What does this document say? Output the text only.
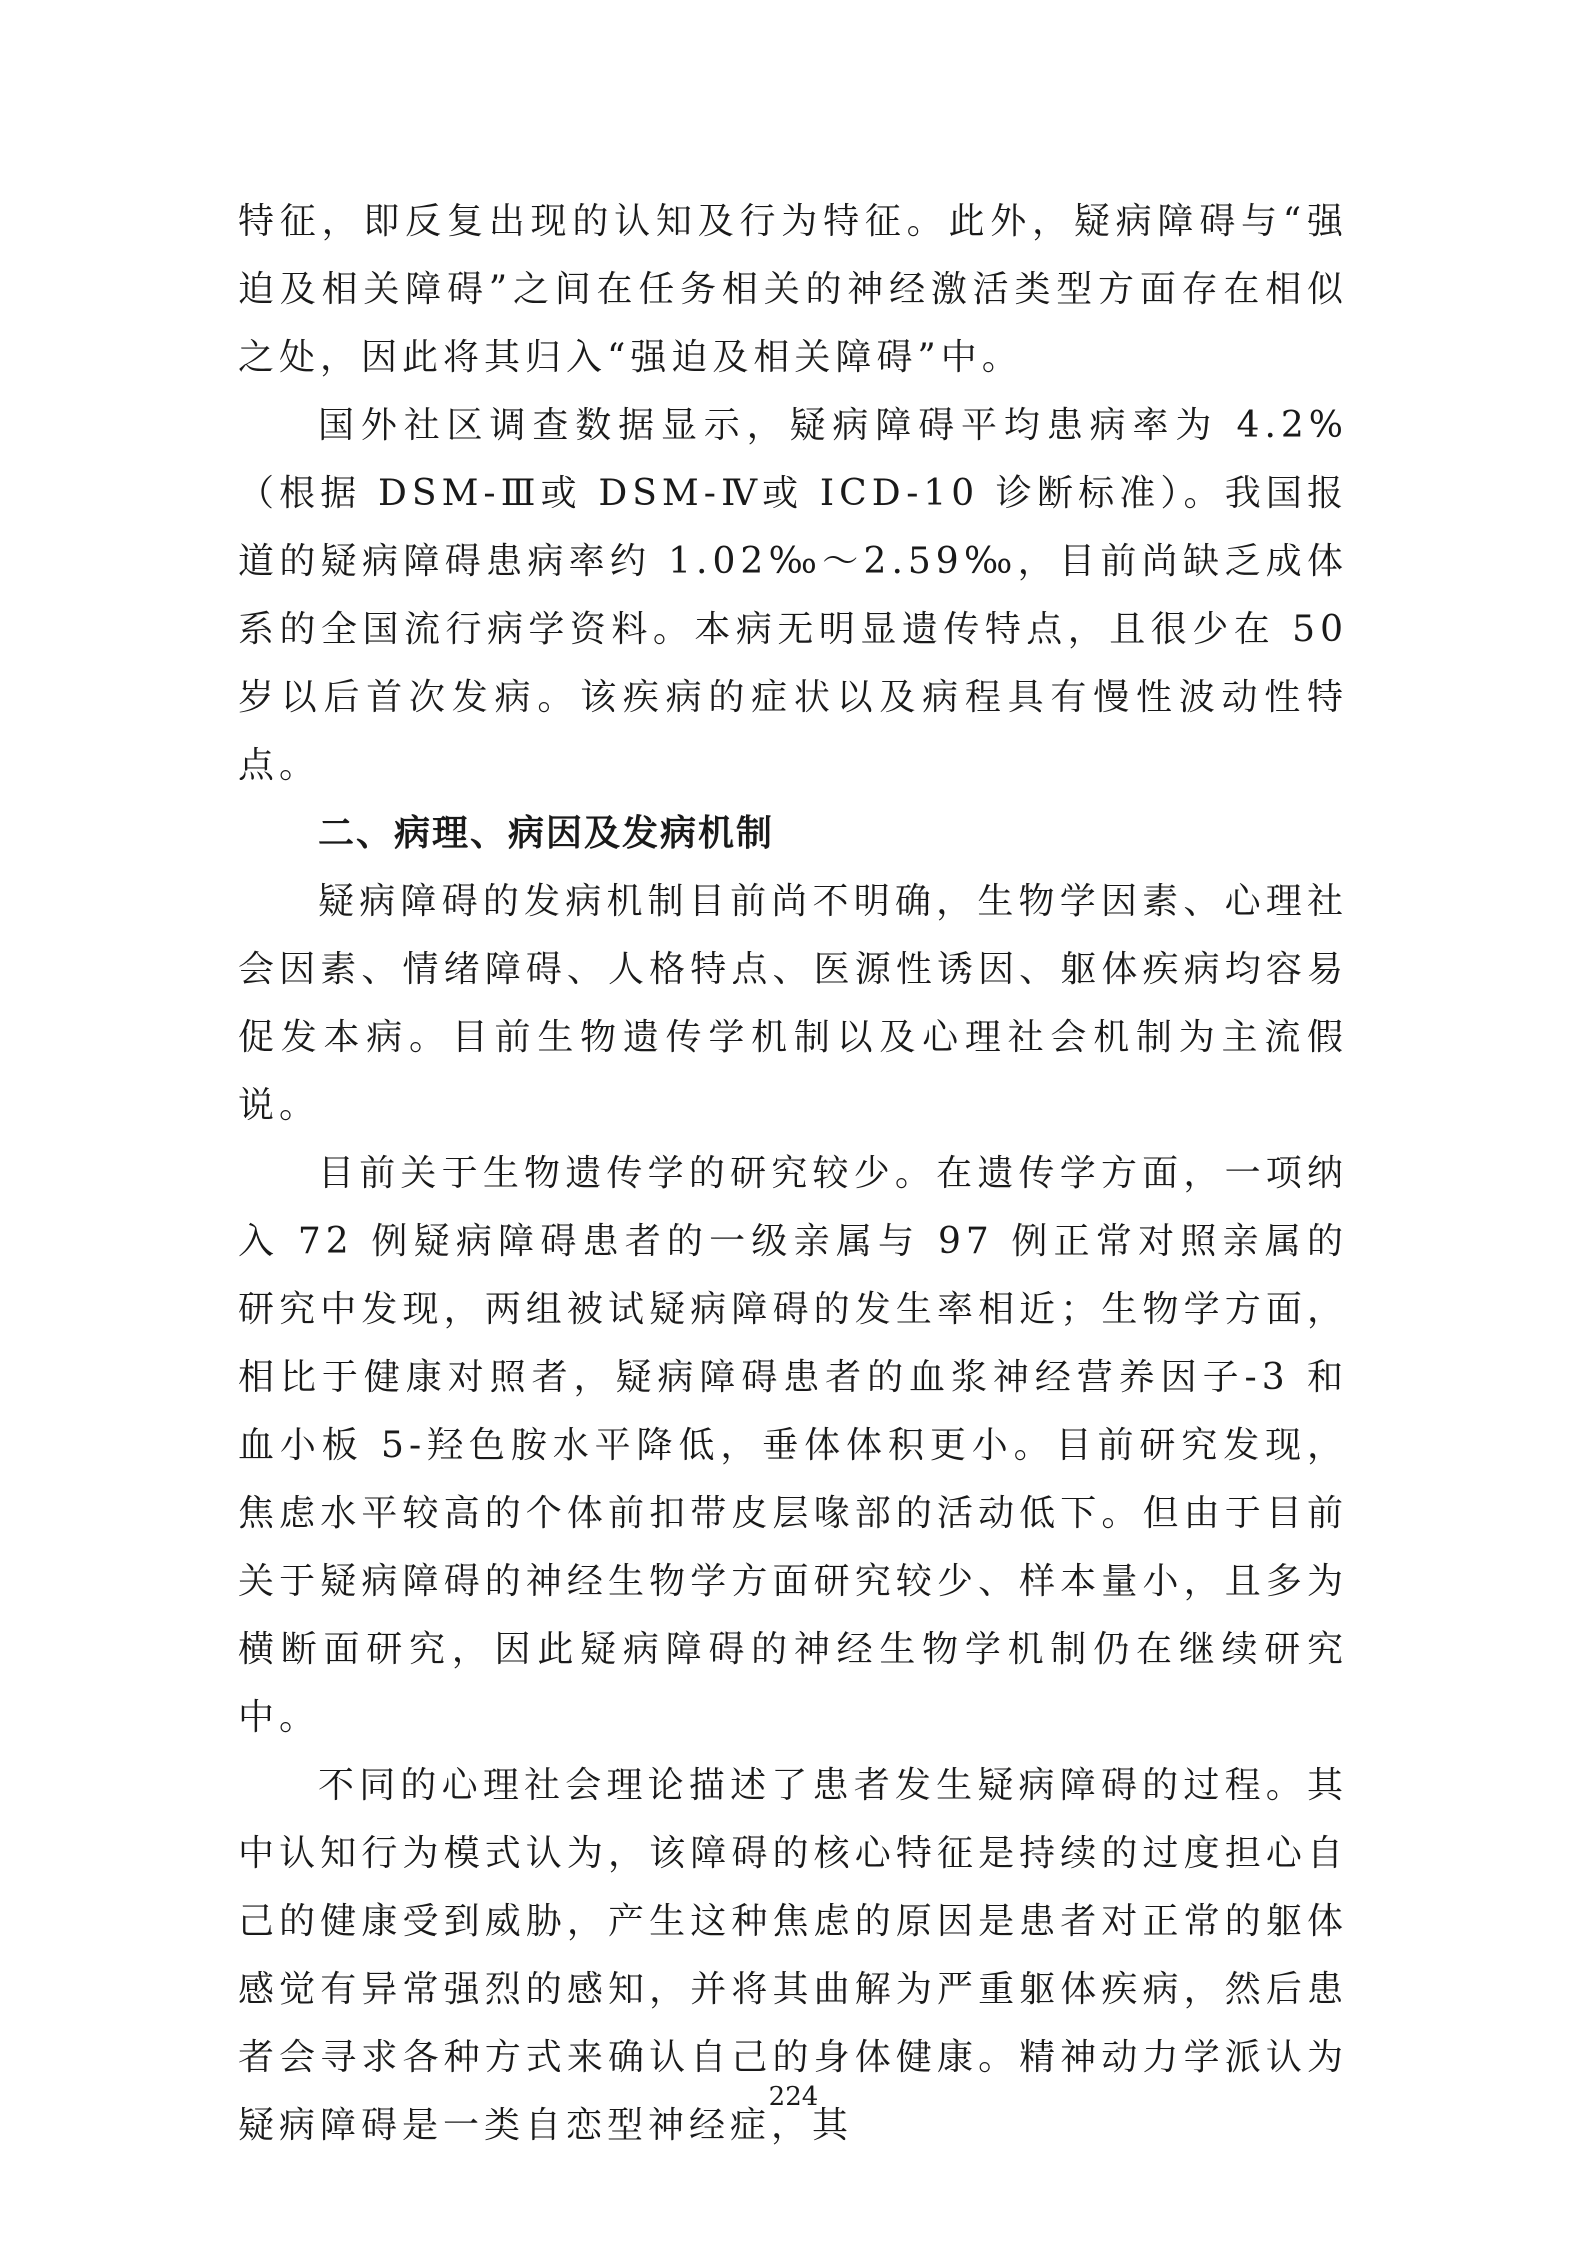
特征，即反复出现的认知及行为特征。此外，疑病障碍与“强迫及相关障碍”之间在任务相关的神经激活类型方面存在相似之处，因此将其归入“强迫及相关障碍”中。

国外社区调查数据显示，疑病障碍平均患病率为 4.2%（根据 DSM-Ⅲ或 DSM-Ⅳ或 ICD-10 诊断标准）。我国报道的疑病障碍患病率约 1.02‰～2.59‰，目前尚缺乏成体系的全国流行病学资料。本病无明显遗传特点，且很少在 50 岁以后首次发病。该疾病的症状以及病程具有慢性波动性特点。

二、病理、病因及发病机制

疑病障碍的发病机制目前尚不明确，生物学因素、心理社会因素、情绪障碍、人格特点、医源性诱因、躯体疾病均容易促发本病。目前生物遗传学机制以及心理社会机制为主流假说。

目前关于生物遗传学的研究较少。在遗传学方面，一项纳入 72 例疑病障碍患者的一级亲属与 97 例正常对照亲属的研究中发现，两组被试疑病障碍的发生率相近；生物学方面，相比于健康对照者，疑病障碍患者的血浆神经营养因子-3 和血小板 5-羟色胺水平降低，垂体体积更小。目前研究发现，焦虑水平较高的个体前扣带皮层喙部的活动低下。但由于目前关于疑病障碍的神经生物学方面研究较少、样本量小，且多为横断面研究，因此疑病障碍的神经生物学机制仍在继续研究中。

不同的心理社会理论描述了患者发生疑病障碍的过程。其中认知行为模式认为，该障碍的核心特征是持续的过度担心自己的健康受到威胁，产生这种焦虑的原因是患者对正常的躯体感觉有异常强烈的感知，并将其曲解为严重躯体疾病，然后患者会寻求各种方式来确认自己的身体健康。精神动力学派认为疑病障碍是一类自恋型神经症，其

224
